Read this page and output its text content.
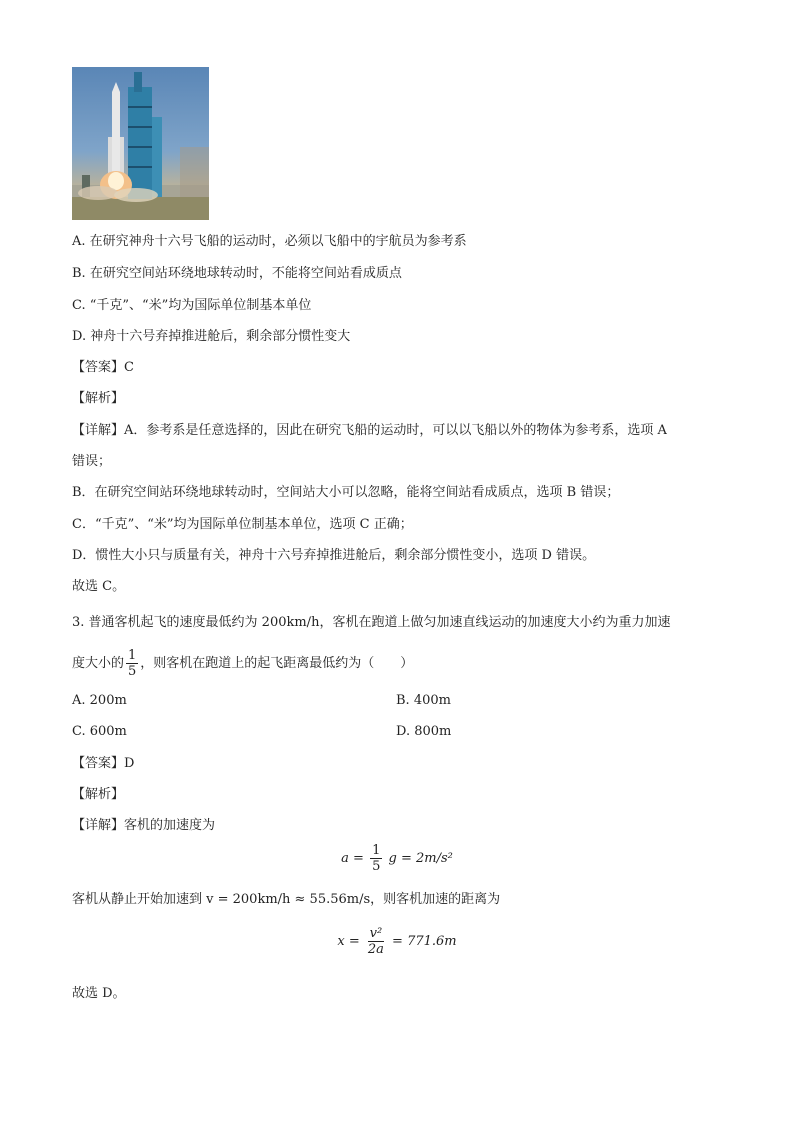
A. 在研究神舟十六号飞船的运动时，必须以飞船中的宇航员为参考系
B. 在研究空间站环绕地球转动时，不能将空间站看成质点
C. “千克”、“米”均为国际单位制基本单位
D. 神舟十六号弃掉推进舱后，剩余部分惯性变大
【答案】C
【解析】
【详解】A．参考系是任意选择的，因此在研究飞船的运动时，可以以飞船以外的物体为参考系，选项 A
错误；
B．在研究空间站环绕地球转动时，空间站大小可以忽略，能将空间站看成质点，选项 B 错误；
C．“千克”、“米”均为国际单位制基本单位，选项 C 正确；
D．惯性大小只与质量有关，神舟十六号弃掉推进舱后，剩余部分惯性变小，选项 D 错误。
故选 C。
3. 普通客机起飞的速度最低约为 200km/h，客机在跑道上做匀加速直线运动的加速度大小约为重力加速
度大小的 $\frac{1}{5}$ ，则客机在跑道上的起飞距离最低约为（　　）
A. 200m	B. 400m
C. 600m	D. 800m
【答案】D
【解析】
【详解】客机的加速度为
$a = \frac{1}{5}$ g = 2m/s²
客机从静止开始加速到 v = 200km/h ≈ 55.56m/s，则客机加速的距离为
$x = \frac{\text{v²}}{2a} = 771.6m$
故选 D。
